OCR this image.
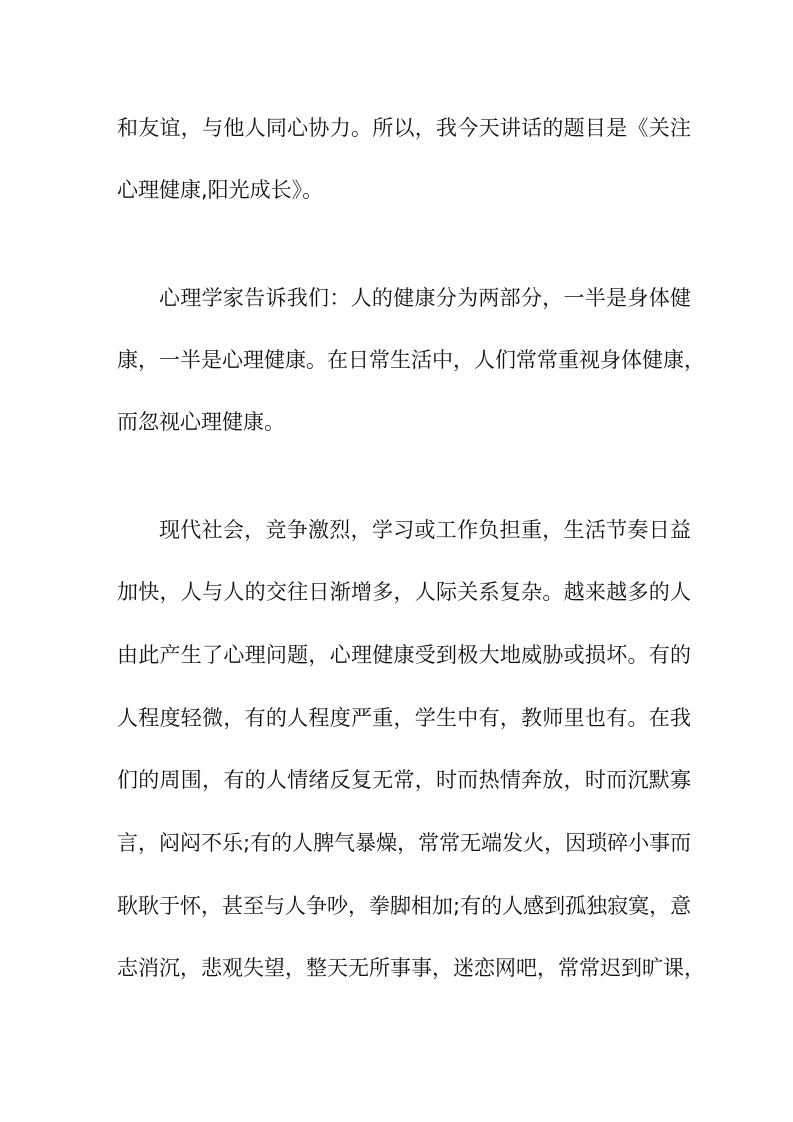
和友谊，与他人同心协力。所以，我今天讲话的题目是《关注
心理健康,阳光成长》。
心理学家告诉我们：人的健康分为两部分，一半是身体健
康，一半是心理健康。在日常生活中，人们常常重视身体健康，
而忽视心理健康。
现代社会，竞争激烈，学习或工作负担重，生活节奏日益
加快，人与人的交往日渐增多，人际关系复杂。越来越多的人
由此产生了心理问题，心理健康受到极大地威胁或损坏。有的
人程度轻微，有的人程度严重，学生中有，教师里也有。在我
们的周围，有的人情绪反复无常，时而热情奔放，时而沉默寡
言，闷闷不乐;有的人脾气暴燥，常常无端发火，因琐碎小事而
耿耿于怀，甚至与人争吵，拳脚相加;有的人感到孤独寂寞，意
志消沉，悲观失望，整天无所事事，迷恋网吧，常常迟到旷课，
